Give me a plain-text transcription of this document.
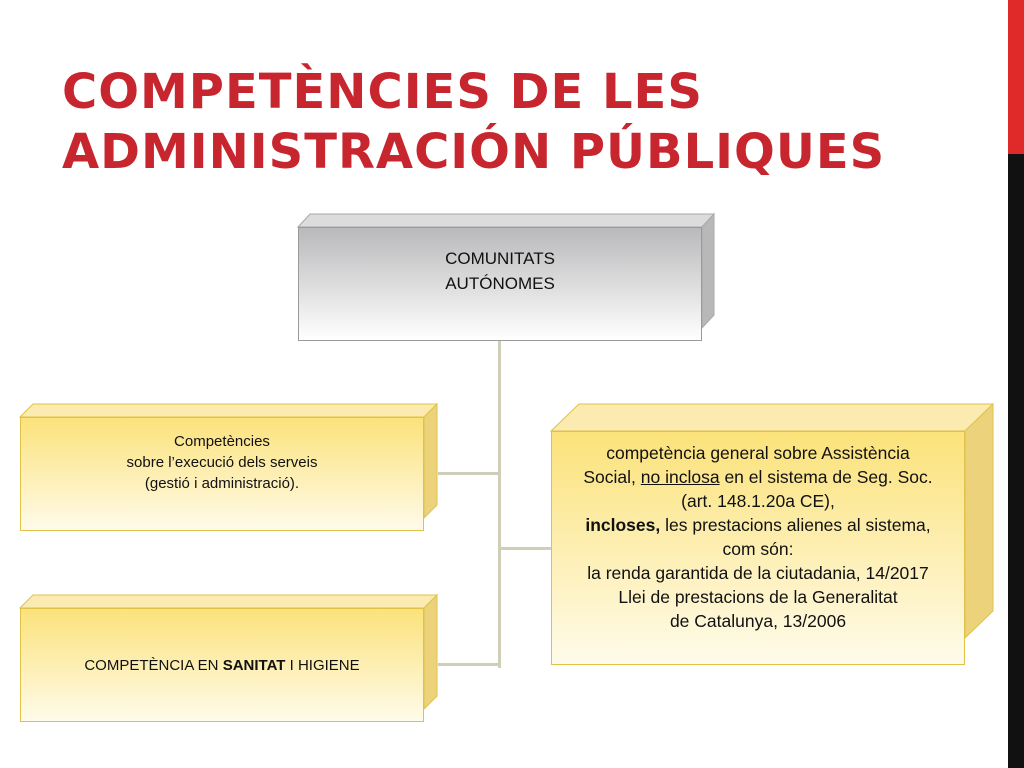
COMPETÈNCIES DE LES
ADMINISTRACIÓN PÚBLIQUES
COMUNITATS
AUTÓNOMES
Competències
sobre l’execució dels serveis
(gestió i administració).
COMPETÈNCIA EN SANITAT I HIGIENE
competència general sobre Assistència
Social, no inclosa en el sistema de Seg. Soc.
(art. 148.1.20a CE),
incloses, les prestacions alienes al sistema,
com són:
la renda garantida de la ciutadania, 14/2017
Llei de prestacions de la Generalitat
de Catalunya, 13/2006
